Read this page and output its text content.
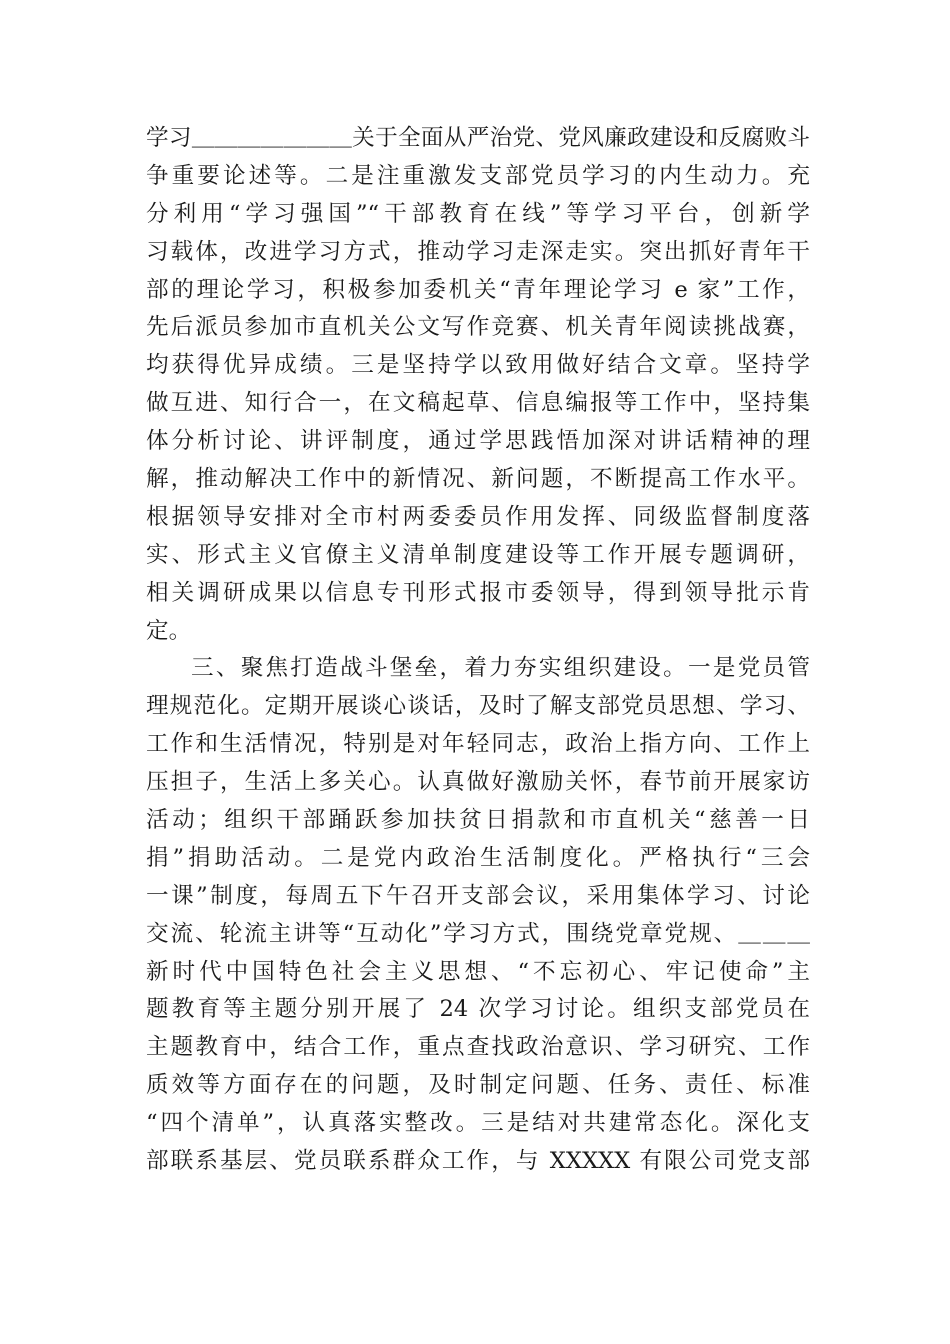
学习＿＿＿＿＿＿＿关于全面从严治党、党风廉政建设和反腐败斗
争重要论述等。二是注重激发支部党员学习的内生动力。充
分利用“学习强国”“干部教育在线”等学习平台，创新学
习载体，改进学习方式，推动学习走深走实。突出抓好青年干
部的理论学习，积极参加委机关“青年理论学习 e 家”工作，
先后派员参加市直机关公文写作竞赛、机关青年阅读挑战赛，
均获得优异成绩。三是坚持学以致用做好结合文章。坚持学
做互进、知行合一，在文稿起草、信息编报等工作中，坚持集
体分析讨论、讲评制度，通过学思践悟加深对讲话精神的理
解，推动解决工作中的新情况、新问题，不断提高工作水平。
根据领导安排对全市村两委委员作用发挥、同级监督制度落
实、形式主义官僚主义清单制度建设等工作开展专题调研，
相关调研成果以信息专刊形式报市委领导，得到领导批示肯
定。
三、聚焦打造战斗堡垒，着力夯实组织建设。一是党员管
理规范化。定期开展谈心谈话，及时了解支部党员思想、学习、
工作和生活情况，特别是对年轻同志，政治上指方向、工作上
压担子，生活上多关心。认真做好激励关怀，春节前开展家访
活动；组织干部踊跃参加扶贫日捐款和市直机关“慈善一日
捐”捐助活动。二是党内政治生活制度化。严格执行“三会
一课”制度，每周五下午召开支部会议，采用集体学习、讨论
交流、轮流主讲等“互动化”学习方式，围绕党章党规、＿＿＿
新时代中国特色社会主义思想、“不忘初心、牢记使命”主
题教育等主题分别开展了 24 次学习讨论。组织支部党员在
主题教育中，结合工作，重点查找政治意识、学习研究、工作
质效等方面存在的问题，及时制定问题、任务、责任、标准
“四个清单”，认真落实整改。三是结对共建常态化。深化支
部联系基层、党员联系群众工作，与 XXXXX 有限公司党支部
